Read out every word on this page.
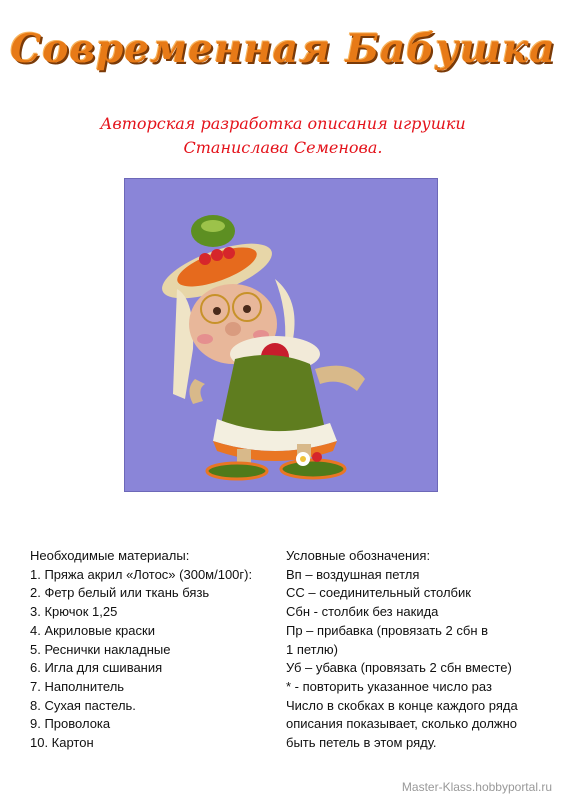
Современная Бабушка
Авторская разработка описания игрушки
Станислава Семенова.
Необходимые материалы:
1. Пряжа акрил «Лотос» (300м/100г):
2. Фетр белый или ткань бязь
3. Крючок 1,25
4. Акриловые краски
5. Реснички накладные
6. Игла для сшивания
7. Наполнитель
8. Сухая пастель.
9. Проволока
10. Картон
Условные обозначения:
Вп – воздушная петля
СС – соединительный столбик
Сбн - столбик без накида
Пр – прибавка (провязать 2 сбн в
1 петлю)
Уб – убавка (провязать 2 сбн вместе)
* - повторить указанное число раз
Число в скобках в конце каждого ряда
описания показывает, сколько должно
быть петель в этом ряду.
Master-Klass.hobbyportal.ru
